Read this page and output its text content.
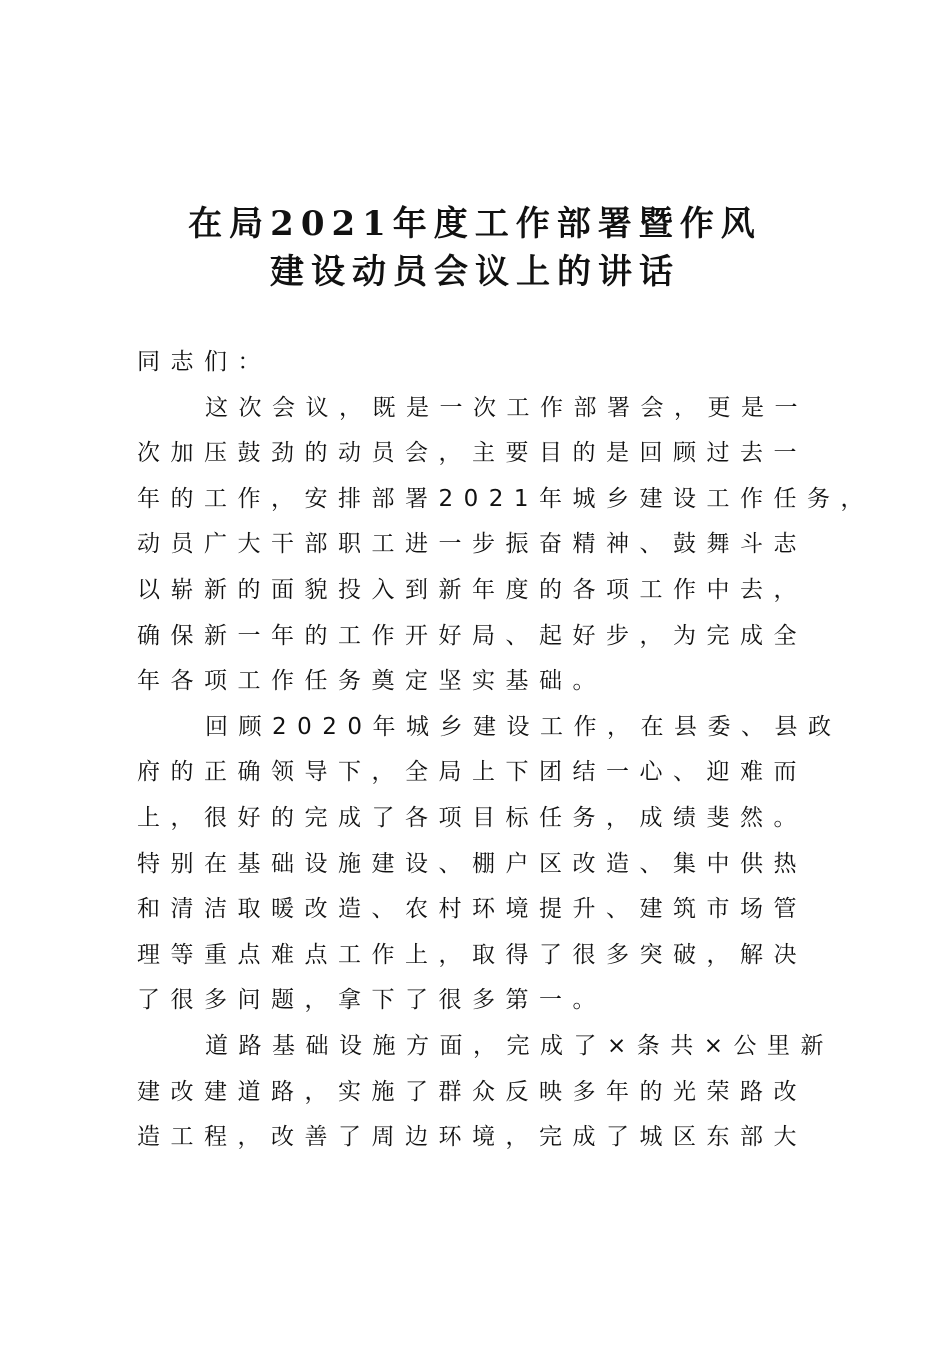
在局2021年度工作部署暨作风
建设动员会议上的讲话
同志们：
这次会议，既是一次工作部署会，更是一
次加压鼓劲的动员会，主要目的是回顾过去一
年的工作，安排部署2021年城乡建设工作任务，
动员广大干部职工进一步振奋精神、鼓舞斗志
以崭新的面貌投入到新年度的各项工作中去，
确保新一年的工作开好局、起好步，为完成全
年各项工作任务奠定坚实基础。
回顾2020年城乡建设工作，在县委、县政
府的正确领导下，全局上下团结一心、迎难而
上，很好的完成了各项目标任务，成绩斐然。
特别在基础设施建设、棚户区改造、集中供热
和清洁取暖改造、农村环境提升、建筑市场管
理等重点难点工作上，取得了很多突破，解决
了很多问题，拿下了很多第一。
道路基础设施方面，完成了×条共×公里新
建改建道路，实施了群众反映多年的光荣路改
造工程，改善了周边环境，完成了城区东部大
